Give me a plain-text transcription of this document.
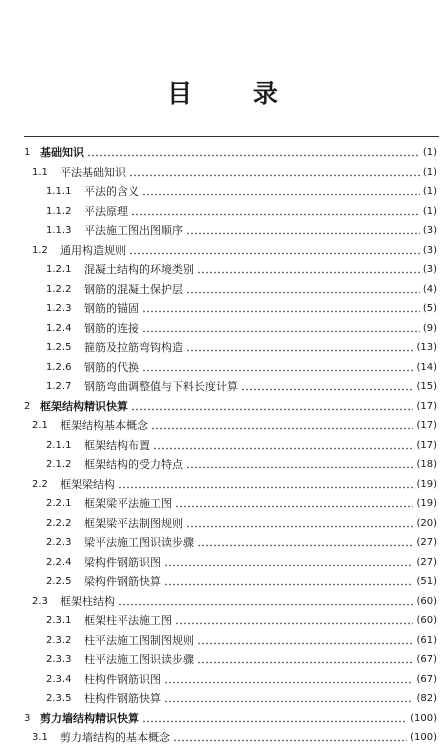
目 录
1 基础知识	(1)
1.1	平法基础知识	(1)
1.1.1	平法的含义	(1)
1.1.2	平法原理	(1)
1.1.3	平法施工图出图顺序	(3)
1.2	通用构造规则	(3)
1.2.1	混凝土结构的环境类别	(3)
1.2.2	钢筋的混凝土保护层	(4)
1.2.3	钢筋的锚固	(5)
1.2.4	钢筋的连接	(9)
1.2.5	箍筋及拉筋弯钩构造	(13)
1.2.6	钢筋的代换	(14)
1.2.7	钢筋弯曲调整值与下料长度计算	(15)
2 框架结构精识快算	(17)
2.1	框架结构基本概念	(17)
2.1.1	框架结构布置	(17)
2.1.2	框架结构的受力特点	(18)
2.2	框架梁结构	(19)
2.2.1	框架梁平法施工图	(19)
2.2.2	框架梁平法制图规则	(20)
2.2.3	梁平法施工图识读步骤	(27)
2.2.4	梁构件钢筋识图	(27)
2.2.5	梁构件钢筋快算	(51)
2.3	框架柱结构	(60)
2.3.1	框架柱平法施工图	(60)
2.3.2	柱平法施工图制图规则	(61)
2.3.3	柱平法施工图识读步骤	(67)
2.3.4	柱构件钢筋识图	(67)
2.3.5	柱构件钢筋快算	(82)
3 剪力墙结构精识快算	(100)
3.1	剪力墙结构的基本概念	(100)
